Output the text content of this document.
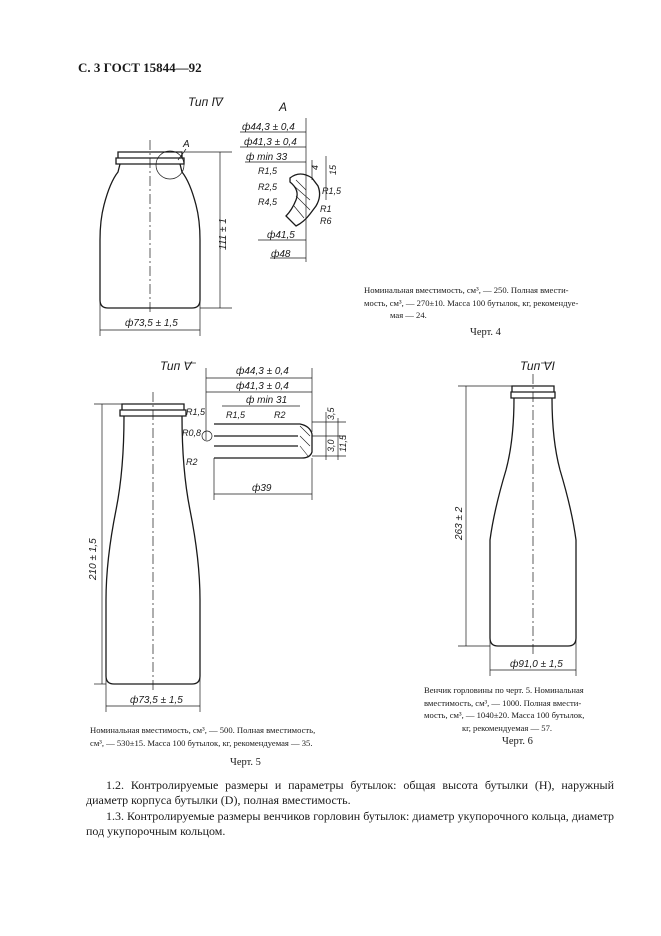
С. 3 ГОСТ 15844—92
Тип IV	А
А
111 ± 1
ф73,5 ± 1,5
ф44,3 ± 0,4
ф41,3 ± 0,4
ф min 33
R1,5
R2,5
R4,5
ф41,5
ф48
4 15
R1,5
R1
R6
Тип V
210 ± 1,5
ф73,5 ± 1,5
ф44,3 ± 0,4
ф41,3 ± 0,4
ф min 31
R1,5	R2
R1,5
R0,8
R2
3,5
11,5
3,0
ф39
Тип VI
263 ± 2
ф91,0 ± 1,5
Номинальная вместимость, см³, — 250. Полная вмести-
мость, см³, — 270±10. Масса 100 бутылок, кг, рекомендуе-
мая — 24.
Черт. 4
Номинальная вместимость, см³, — 500. Полная вместимость,
см³, — 530±15. Масса 100 бутылок, кг, рекомендуемая — 35.
Черт. 5
Венчик горловины по черт. 5. Номинальная
вместимость, см³, — 1000. Полная вмести-
мость, см³, — 1040±20. Масса 100 бутылок,
кг, рекомендуемая — 57.
Черт. 6

1.2. Контролируемые размеры и параметры бутылок: общая высота бутылки (H), наружный диаметр корпуса бутылки (D), полная вместимость.

1.3. Контролируемые размеры венчиков горловин бутылок: диаметр укупорочного кольца, диаметр под укупорочным кольцом.
